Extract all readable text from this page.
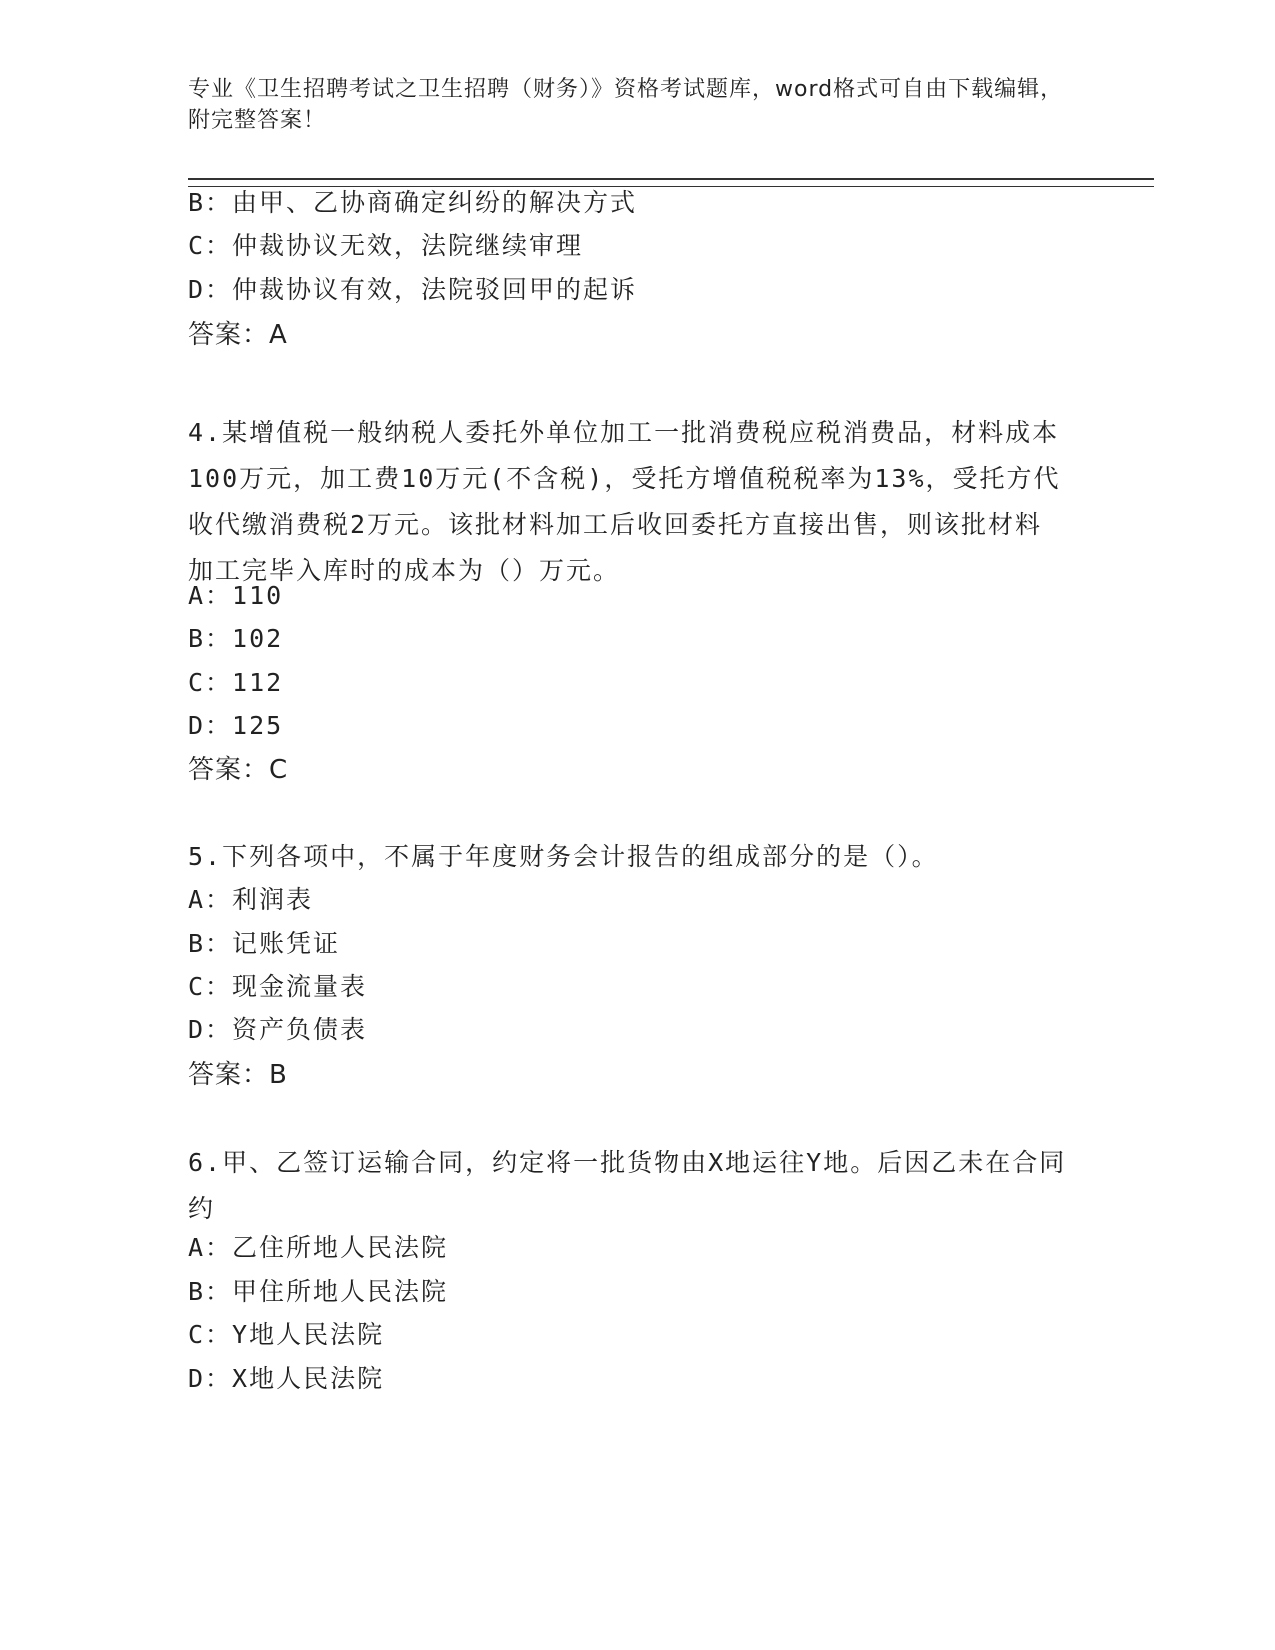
专业《卫生招聘考试之卫生招聘（财务）》资格考试题库，word格式可自由下载编辑，附完整答案！
B：由甲、乙协商确定纠纷的解决方式
C：仲裁协议无效，法院继续审理
D：仲裁协议有效，法院驳回甲的起诉
答案：A
4.某增值税一般纳税人委托外单位加工一批消费税应税消费品，材料成本100万元，加工费10万元(不含税)，受托方增值税税率为13%，受托方代收代缴消费税2万元。该批材料加工后收回委托方直接出售，则该批材料加工完毕入库时的成本为（）万元。
A：110
B：102
C：112
D：125
答案：C
5.下列各项中，不属于年度财务会计报告的组成部分的是（）。
A：利润表
B：记账凭证
C：现金流量表
D：资产负债表
答案：B
6.甲、乙签订运输合同，约定将一批货物由X地运往Y地。后因乙未在合同约
A：乙住所地人民法院
B：甲住所地人民法院
C：Y地人民法院
D：X地人民法院
